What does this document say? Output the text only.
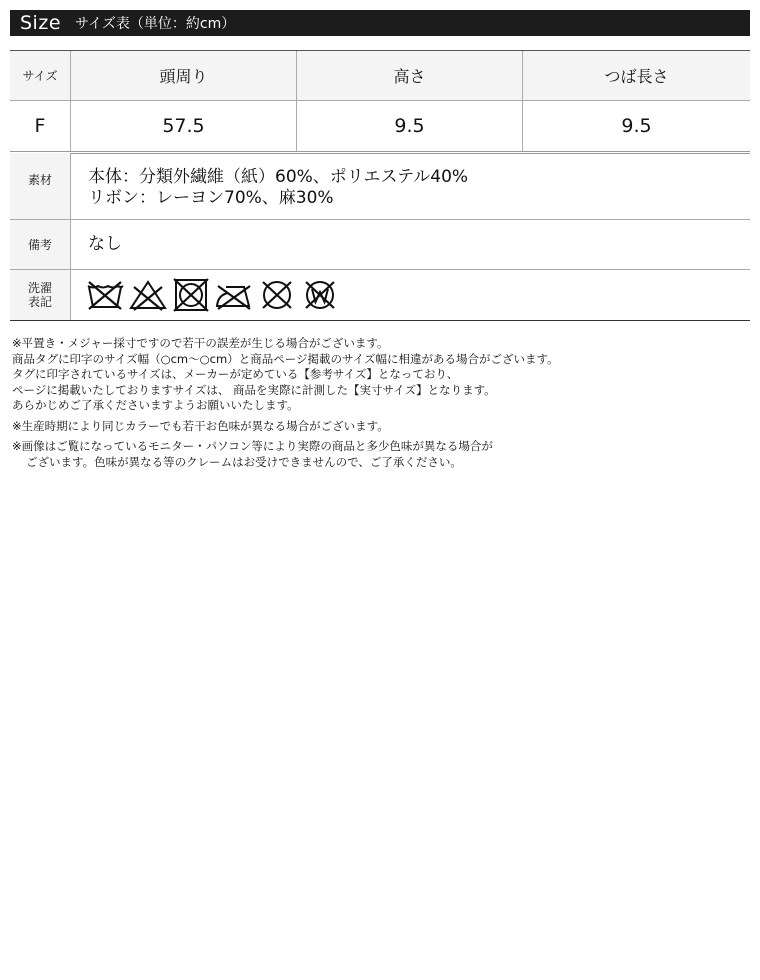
Size サイズ表（単位：約cm）
サイズ	頭周り	高さ	つば長さ
F	57.5	9.5	9.5
素材	本体：分類外繊維（紙）60%、ポリエステル40%
リボン：レーヨン70%、麻30%
備考	なし
洗濯
表記
※平置き・メジャー採寸ですので若干の誤差が生じる場合がございます。
商品タグに印字のサイズ幅（○cm〜○cm）と商品ページ掲載のサイズ幅に相違がある場合がございます。
タグに印字されているサイズは、メーカーが定めている【参考サイズ】となっており、
ページに掲載いたしておりますサイズは、 商品を実際に計測した【実寸サイズ】となります。
あらかじめご了承くださいますようお願いいたします。
※生産時期により同じカラーでも若干お色味が異なる場合がございます。
※画像はご覧になっているモニター・パソコン等により実際の商品と多少色味が異なる場合が
ございます。色味が異なる等のクレームはお受けできませんので、ご了承ください。
